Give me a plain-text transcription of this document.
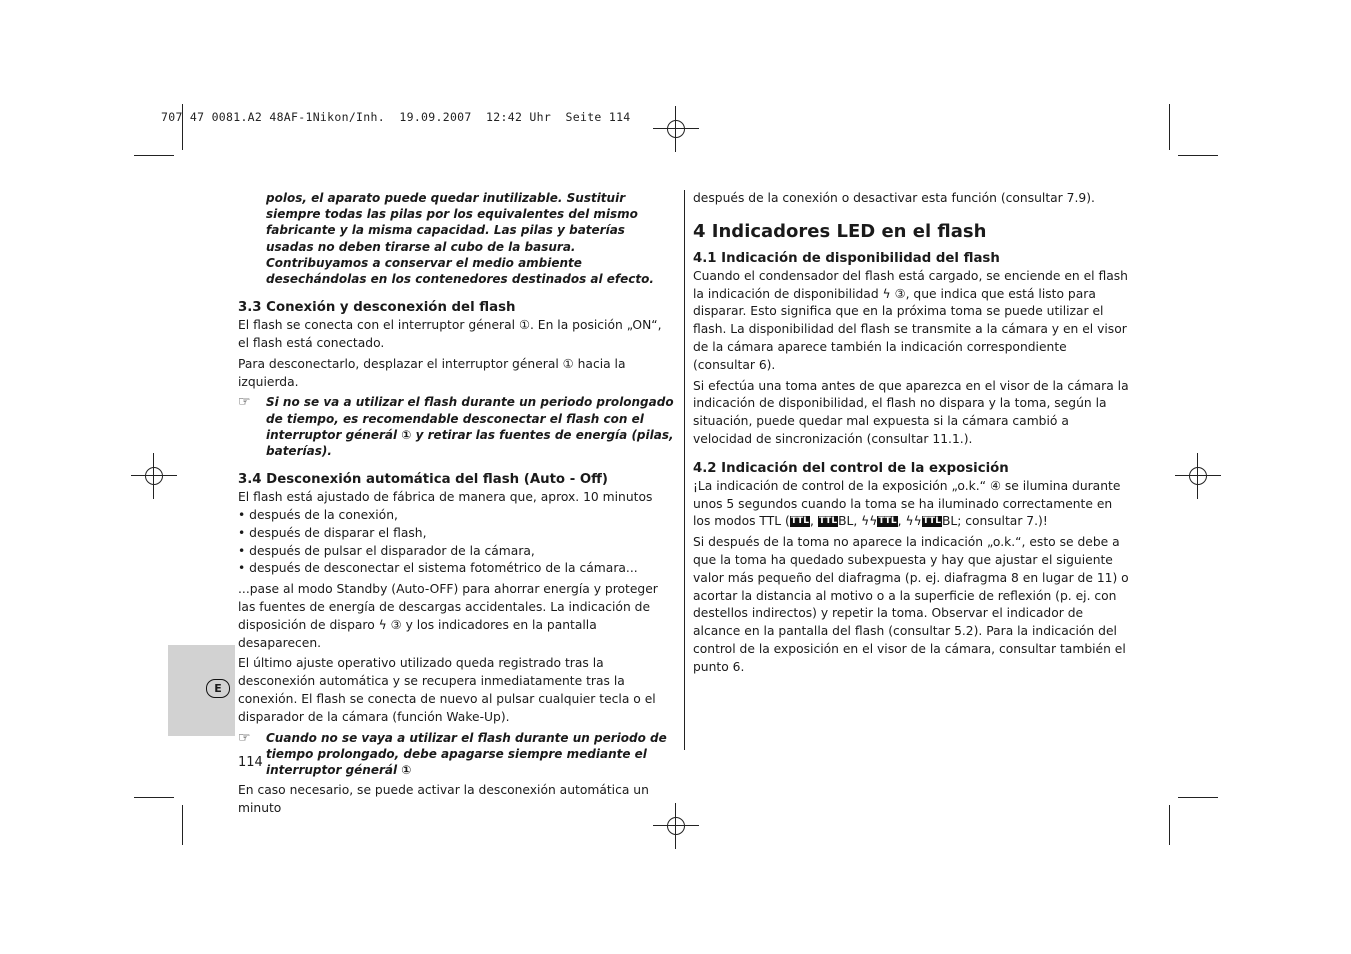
707 47 0081.A2 48AF-1Nikon/Inh.  19.09.2007  12:42 Uhr  Seite 114
E

polos, el aparato puede quedar inutilizable. Sustituir siempre todas las pilas por los equivalentes del mismo fabricante y la misma capacidad. Las pilas y baterías usadas no deben tirarse al cubo de la basura. Contribuyamos a conservar el medio ambiente desechándolas en los contenedores destinados al efecto.

3.3 Conexión y desconexión del flash

El flash se conecta con el interruptor géneral ①. En la posición „ON“, el flash está conectado.

Para desconectarlo, desplazar el interruptor géneral ① hacia la izquierda.

☞	Si no se va a utilizar el flash durante un periodo prolongado de tiempo, es recomendable desconectar el flash con el interruptor génerál ① y retirar las fuentes de energía (pilas, baterías).

3.4 Desconexión automática del flash (Auto - Off)

El flash está ajustado de fábrica de manera que, aprox. 10 minutos

• después de la conexión,

• después de disparar el flash,

• después de pulsar el disparador de la cámara,

• después de desconectar el sistema fotométrico de la cámara...

...pase al modo Standby (Auto-OFF) para ahorrar energía y proteger las fuentes de energía de descargas accidentales. La indicación de disposición de disparo ϟ ③ y los indicadores en la pantalla desaparecen.

El último ajuste operativo utilizado queda registrado tras la desconexión automática y se recupera inmediatamente tras la conexión. El flash se conecta de nuevo al pulsar cualquier tecla o el disparador de la cámara (función Wake-Up).

☞	Cuando no se vaya a utilizar el flash durante un periodo de tiempo prolongado, debe apagarse siempre mediante el interruptor génerál ①

En caso necesario, se puede activar la desconexión automática un minuto

114

después de la conexión o desactivar esta función (consultar 7.9).

4 Indicadores LED en el flash
4.1 Indicación de disponibilidad del flash

Cuando el condensador del flash está cargado, se enciende en el flash la indicación de disponibilidad ϟ ③, que indica que está listo para disparar. Esto significa que en la próxima toma se puede utilizar el flash. La disponibilidad del flash se transmite a la cámara y en el visor de la cámara aparece también la indicación correspondiente (consultar 6).

Si efectúa una toma antes de que aparezca en el visor de la cámara la indicación de disponibilidad, el flash no dispara y la toma, según la situación, puede quedar mal expuesta si la cámara cambió a velocidad de sincronización (consultar 11.1.).

4.2 Indicación del control de la exposición

¡La indicación de control de la exposición „o.k.“ ④ se ilumina durante unos 5 segundos cuando la toma se ha iluminado correctamente en los modos TTL (TTL, TTLBL, ϟϟTTL, ϟϟTTLBL; consultar 7.)!

Si después de la toma no aparece la indicación „o.k.“, esto se debe a que la toma ha quedado subexpuesta y hay que ajustar el siguiente valor más pequeño del diafragma (p. ej. diafragma 8 en lugar de 11) o acortar la distancia al motivo o a la superficie de reflexión (p. ej. con destellos indirectos) y repetir la toma. Observar el indicador de alcance en la pantalla del flash (consultar 5.2). Para la indicación del control de la exposición en el visor de la cámara, consultar también el punto 6.
